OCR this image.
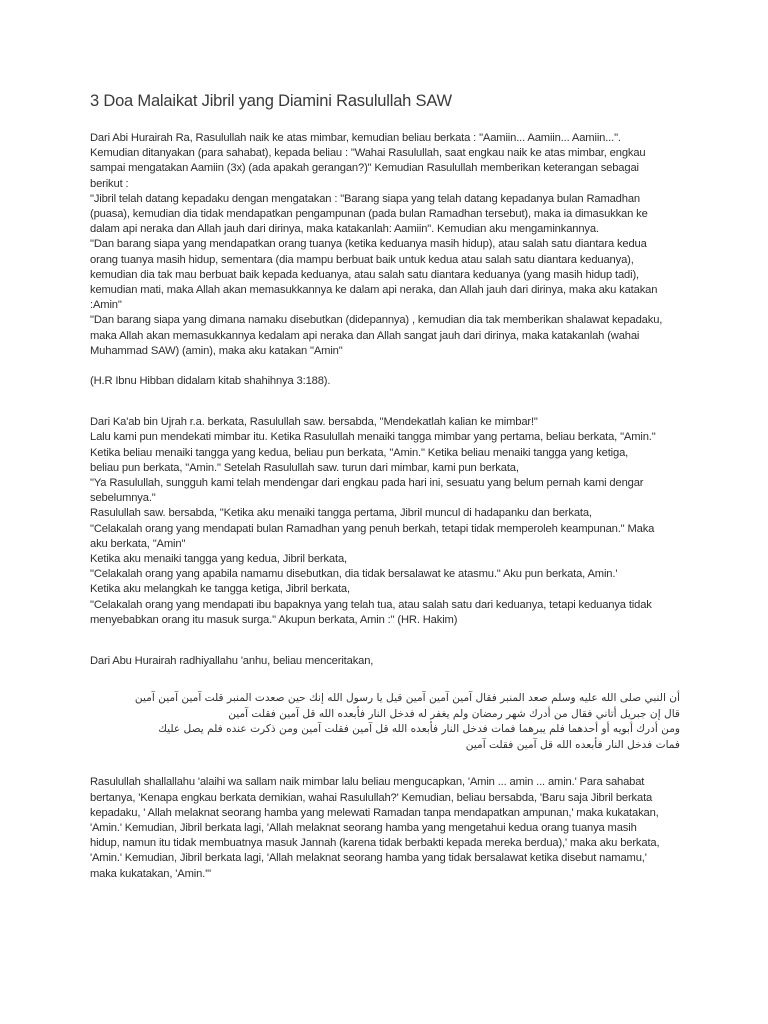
3 Doa Malaikat Jibril yang Diamini Rasulullah SAW
Dari Abi Hurairah Ra, Rasulullah naik ke atas mimbar, kemudian beliau berkata : "Aamiin... Aamiin... Aamiin...".
Kemudian ditanyakan (para sahabat), kepada beliau : "Wahai Rasulullah, saat engkau naik ke atas mimbar, engkau
sampai mengatakan Aamiin (3x) (ada apakah gerangan?)" Kemudian Rasulullah memberikan keterangan sebagai
berikut :
"Jibril telah datang kepadaku dengan mengatakan : "Barang siapa yang telah datang kepadanya bulan Ramadhan
(puasa), kemudian dia tidak mendapatkan pengampunan (pada bulan Ramadhan tersebut), maka ia dimasukkan ke
dalam api neraka dan Allah jauh dari dirinya, maka katakanlah: Aamiin". Kemudian aku mengaminkannya.
"Dan barang siapa yang mendapatkan orang tuanya (ketika keduanya masih hidup), atau salah satu diantara kedua
orang tuanya masih hidup, sementara (dia mampu berbuat baik untuk kedua atau salah satu diantara keduanya),
kemudian dia tak mau berbuat baik kepada keduanya, atau salah satu diantara keduanya (yang masih hidup tadi),
kemudian mati, maka Allah akan memasukkannya ke dalam api neraka, dan Allah jauh dari dirinya, maka aku katakan
:Amin"
"Dan barang siapa yang dimana namaku disebutkan (didepannya) , kemudian dia tak memberikan shalawat kepadaku,
maka Allah akan memasukkannya kedalam api neraka dan Allah sangat jauh dari dirinya, maka katakanlah (wahai
Muhammad SAW) (amin), maka aku katakan "Amin"
(H.R Ibnu Hibban didalam kitab shahihnya 3:188).
Dari Ka'ab bin Ujrah r.a. berkata, Rasulullah saw. bersabda, "Mendekatlah kalian ke mimbar!"
Lalu kami pun mendekati mimbar itu. Ketika Rasulullah menaiki tangga mimbar yang pertama, beliau berkata, "Amin."
Ketika beliau menaiki tangga yang kedua, beliau pun berkata, "Amin." Ketika beliau menaiki tangga yang ketiga,
beliau pun berkata, "Amin." Setelah Rasulullah saw. turun dari mimbar, kami pun berkata,
"Ya Rasulullah, sungguh kami telah mendengar dari engkau pada hari ini, sesuatu yang belum pernah kami dengar
sebelumnya."
Rasulullah saw. bersabda, "Ketika aku menaiki tangga pertama, Jibril muncul di hadapanku dan berkata,
"Celakalah orang yang mendapati bulan Ramadhan yang penuh berkah, tetapi tidak memperoleh keampunan." Maka
aku berkata, "Amin"
Ketika aku menaiki tangga yang kedua, Jibril berkata,
"Celakalah orang yang apabila namamu disebutkan, dia tidak bersalawat ke atasmu." Aku pun berkata, Amin.'
Ketika aku melangkah ke tangga ketiga, Jibril berkata,
"Celakalah orang yang mendapati ibu bapaknya yang telah tua, atau salah satu dari keduanya, tetapi keduanya tidak
menyebabkan orang itu masuk surga." Akupun berkata, Amin :" (HR. Hakim)
Dari Abu Hurairah radhiyallahu 'anhu, beliau menceritakan,
أن النبي صلى الله عليه وسلم صعد المنبر فقال آمين آمين آمين قيل يا رسول الله إنك حين صعدت المنبر قلت آمين آمين آمين
قال إن جبريل أتاني فقال من أدرك شهر رمضان ولم يغفر له فدخل النار فأبعده الله قل آمين فقلت آمين
ومن أدرك أبويه أو أحدهما فلم يبرهما فمات فدخل النار فأبعده الله قل آمين فقلت آمين ومن ذكرت عنده فلم يصل عليك
فمات فدخل النار فأبعده الله قل آمين فقلت آمين
Rasulullah shallallahu 'alaihi wa sallam naik mimbar lalu beliau mengucapkan, 'Amin ... amin ... amin.' Para sahabat
bertanya, 'Kenapa engkau berkata demikian, wahai Rasulullah?' Kemudian, beliau bersabda, 'Baru saja Jibril berkata
kepadaku, ' Allah melaknat seorang hamba yang melewati Ramadan tanpa mendapatkan ampunan,' maka kukatakan,
'Amin.' Kemudian, Jibril berkata lagi, 'Allah melaknat seorang hamba yang mengetahui kedua orang tuanya masih
hidup, namun itu tidak membuatnya masuk Jannah (karena tidak berbakti kepada mereka berdua),' maka aku berkata,
'Amin.' Kemudian, Jibril berkata lagi, 'Allah melaknat seorang hamba yang tidak bersalawat ketika disebut namamu,'
maka kukatakan, 'Amin.'"
